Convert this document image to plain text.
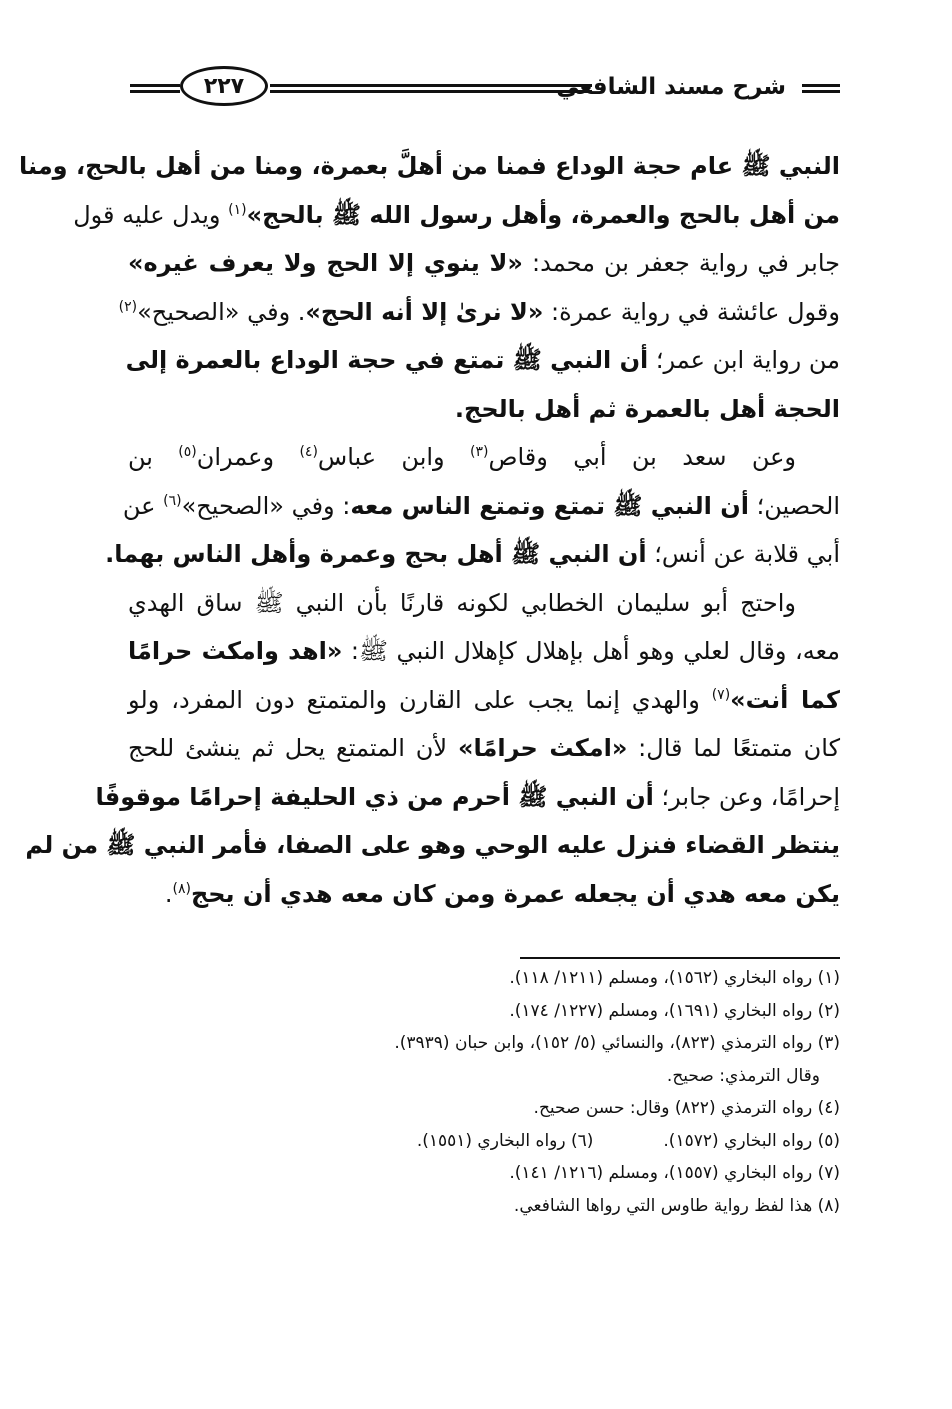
شرح مسند الشافعي
٢٢٧
النبي ﷺ عام حجة الوداع فمنا من أهلَّ بعمرة، ومنا من أهل بالحج، ومنا
من أهل بالحج والعمرة، وأهل رسول الله ﷺ بالحج»$^{(١)}$ ويدل عليه قول
جابر في رواية جعفر بن محمد: «لا ينوي إلا الحج ولا يعرف غيره»
وقول عائشة في رواية عمرة: «لا نرىٰ إلا أنه الحج». وفي «الصحيح»$^{(٢)}$
من رواية ابن عمر؛ أن النبي ﷺ تمتع في حجة الوداع بالعمرة إلى
الحجة أهل بالعمرة ثم أهل بالحج.
وعن سعد بن أبي وقاص$^{(٣)}$ وابن عباس$^{(٤)}$ وعمران$^{(٥)}$ بن
الحصين؛ أن النبي ﷺ تمتع وتمتع الناس معه: وفي «الصحيح»$^{(٦)}$ عن
أبي قلابة عن أنس؛ أن النبي ﷺ أهل بحج وعمرة وأهل الناس بهما.
واحتج أبو سليمان الخطابي لكونه قارنًا بأن النبي ﷺ ساق الهدي
معه، وقال لعلي وهو أهل بإهلال كإهلال النبي ﷺ: «اهد وامكث حرامًا
كما أنت»$^{(٧)}$ والهدي إنما يجب على القارن والمتمتع دون المفرد، ولو
كان متمتعًا لما قال: «امكث حرامًا» لأن المتمتع يحل ثم ينشئ للحج
إحرامًا، وعن جابر؛ أن النبي ﷺ أحرم من ذي الحليفة إحرامًا موقوفًا
ينتظر القضاء فنزل عليه الوحي وهو على الصفا، فأمر النبي ﷺ من لم
يكن معه هدي أن يجعله عمرة ومن كان معه هدي أن يحج$^{(٨)}$.
(١) رواه البخاري (١٥٦٢)، ومسلم (١٢١١/ ١١٨).
(٢) رواه البخاري (١٦٩١)، ومسلم (١٢٢٧/ ١٧٤).
(٣) رواه الترمذي (٨٢٣)، والنسائي (٥/ ١٥٢)، وابن حبان (٣٩٣٩).
وقال الترمذي: صحيح.
(٤) رواه الترمذي (٨٢٢) وقال: حسن صحيح.
(٥) رواه البخاري (١٥٧٢).
(٦) رواه البخاري (١٥٥١).
(٧) رواه البخاري (١٥٥٧)، ومسلم (١٢١٦/ ١٤١).
(٨) هذا لفظ رواية طاوس التي رواها الشافعي.
